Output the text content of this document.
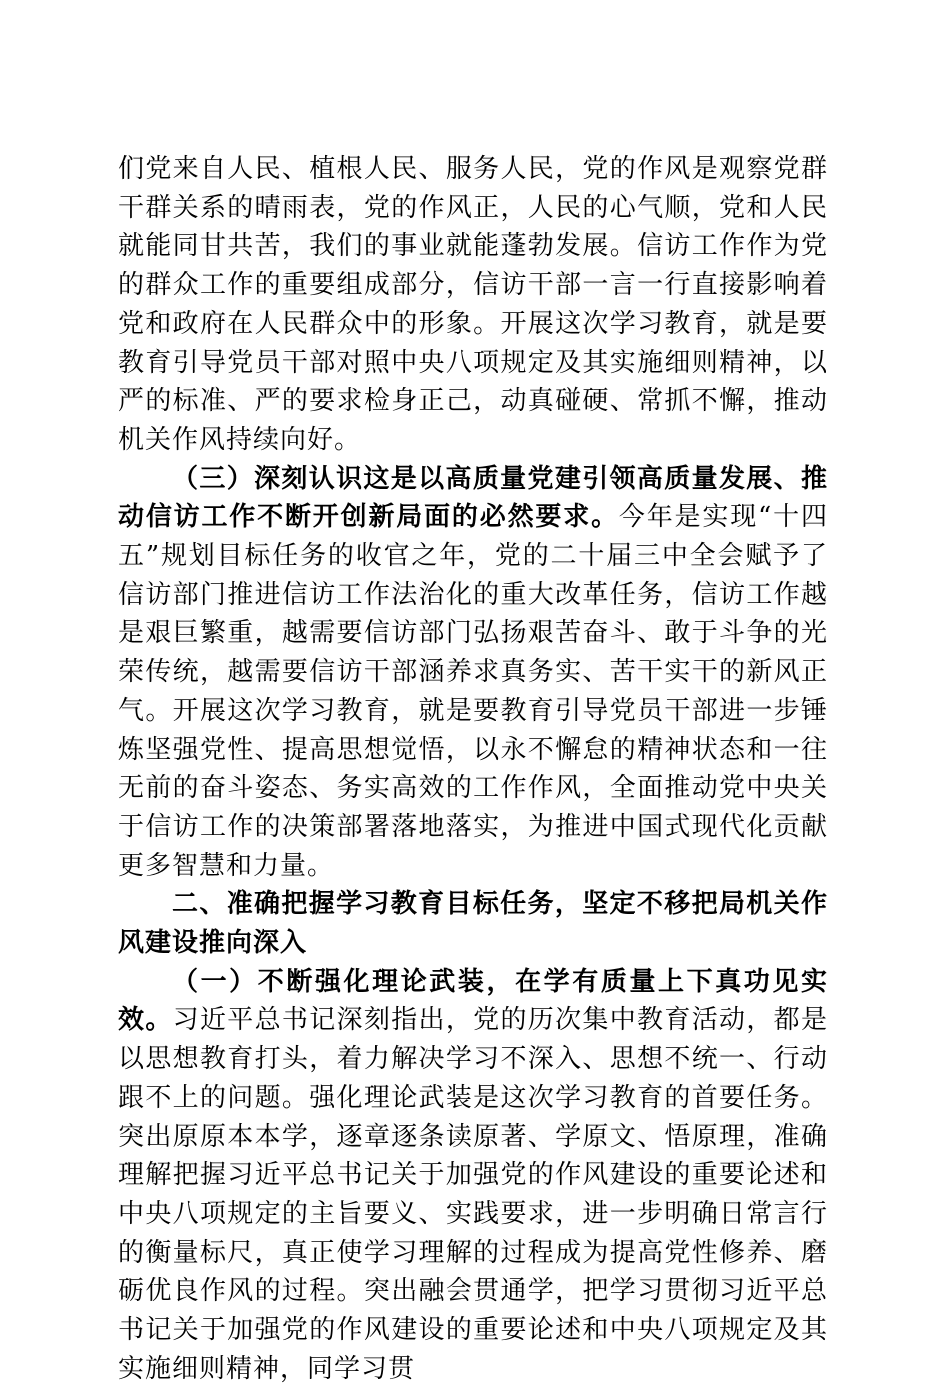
们党来自人民、植根人民、服务人民，党的作风是观察党群干群关系的晴雨表，党的作风正，人民的心气顺，党和人民就能同甘共苦，我们的事业就能蓬勃发展。信访工作作为党的群众工作的重要组成部分，信访干部一言一行直接影响着党和政府在人民群众中的形象。开展这次学习教育，就是要教育引导党员干部对照中央八项规定及其实施细则精神，以严的标准、严的要求检身正己，动真碰硬、常抓不懈，推动机关作风持续向好。

（三）深刻认识这是以高质量党建引领高质量发展、推动信访工作不断开创新局面的必然要求。今年是实现“十四五”规划目标任务的收官之年，党的二十届三中全会赋予了信访部门推进信访工作法治化的重大改革任务，信访工作越是艰巨繁重，越需要信访部门弘扬艰苦奋斗、敢于斗争的光荣传统，越需要信访干部涵养求真务实、苦干实干的新风正气。开展这次学习教育，就是要教育引导党员干部进一步锤炼坚强党性、提高思想觉悟，以永不懈怠的精神状态和一往无前的奋斗姿态、务实高效的工作作风，全面推动党中央关于信访工作的决策部署落地落实，为推进中国式现代化贡献更多智慧和力量。

二、准确把握学习教育目标任务，坚定不移把局机关作风建设推向深入

（一）不断强化理论武装，在学有质量上下真功见实效。习近平总书记深刻指出，党的历次集中教育活动，都是以思想教育打头，着力解决学习不深入、思想不统一、行动跟不上的问题。强化理论武装是这次学习教育的首要任务。突出原原本本学，逐章逐条读原著、学原文、悟原理，准确理解把握习近平总书记关于加强党的作风建设的重要论述和中央八项规定的主旨要义、实践要求，进一步明确日常言行的衡量标尺，真正使学习理解的过程成为提高党性修养、磨砺优良作风的过程。突出融会贯通学，把学习贯彻习近平总书记关于加强党的作风建设的重要论述和中央八项规定及其实施细则精神，同学习贯
